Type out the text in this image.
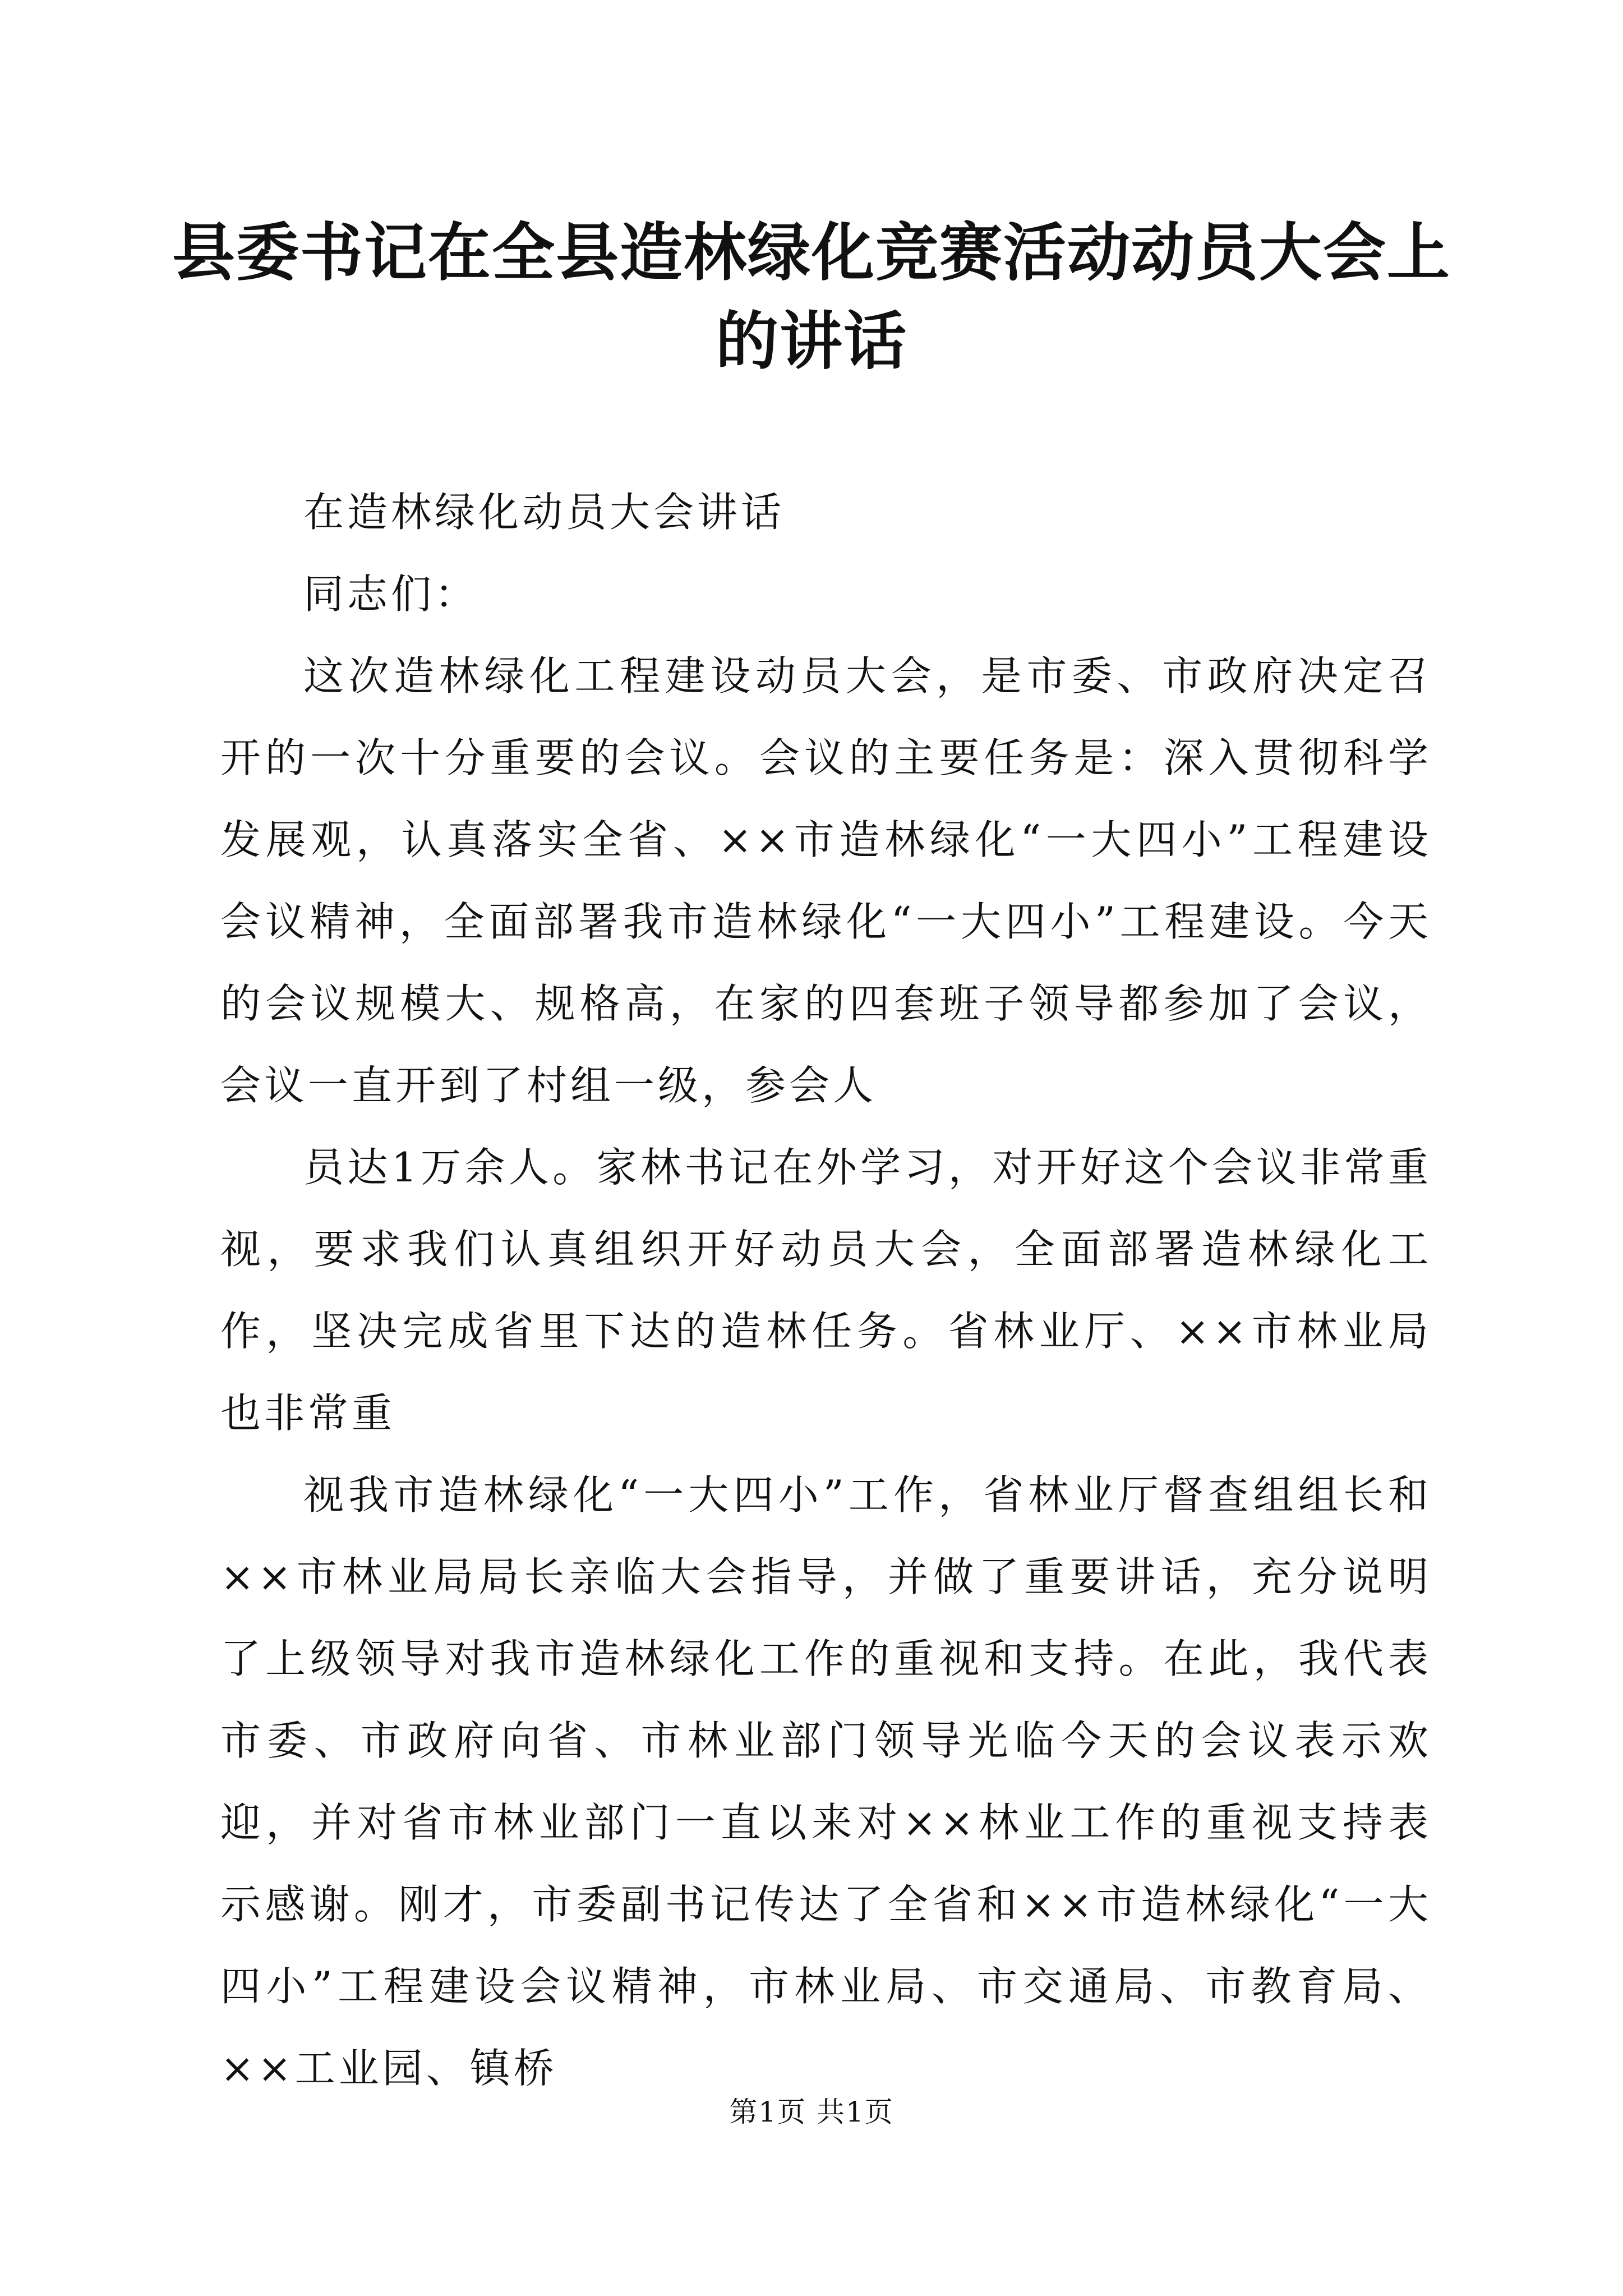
县委书记在全县造林绿化竞赛活动动员大会上
的讲话

在造林绿化动员大会讲话

同志们：

这次造林绿化工程建设动员大会，是市委、市政府决定召开的一次十分重要的会议。会议的主要任务是：深入贯彻科学发展观，认真落实全省、××市造林绿化“一大四小”工程建设会议精神，全面部署我市造林绿化“一大四小”工程建设。今天的会议规模大、规格高，在家的四套班子领导都参加了会议，会议一直开到了村组一级，参会人

员达1万余人。家林书记在外学习，对开好这个会议非常重视，要求我们认真组织开好动员大会，全面部署造林绿化工作，坚决完成省里下达的造林任务。省林业厅、××市林业局也非常重

视我市造林绿化“一大四小”工作，省林业厅督查组组长和××市林业局局长亲临大会指导，并做了重要讲话，充分说明了上级领导对我市造林绿化工作的重视和支持。在此，我代表市委、市政府向省、市林业部门领导光临今天的会议表示欢迎，并对省市林业部门一直以来对××林业工作的重视支持表示感谢。刚才，市委副书记传达了全省和××市造林绿化“一大四小”工程建设会议精神，市林业局、市交通局、市教育局、××工业园、镇桥

第1页 共1页
